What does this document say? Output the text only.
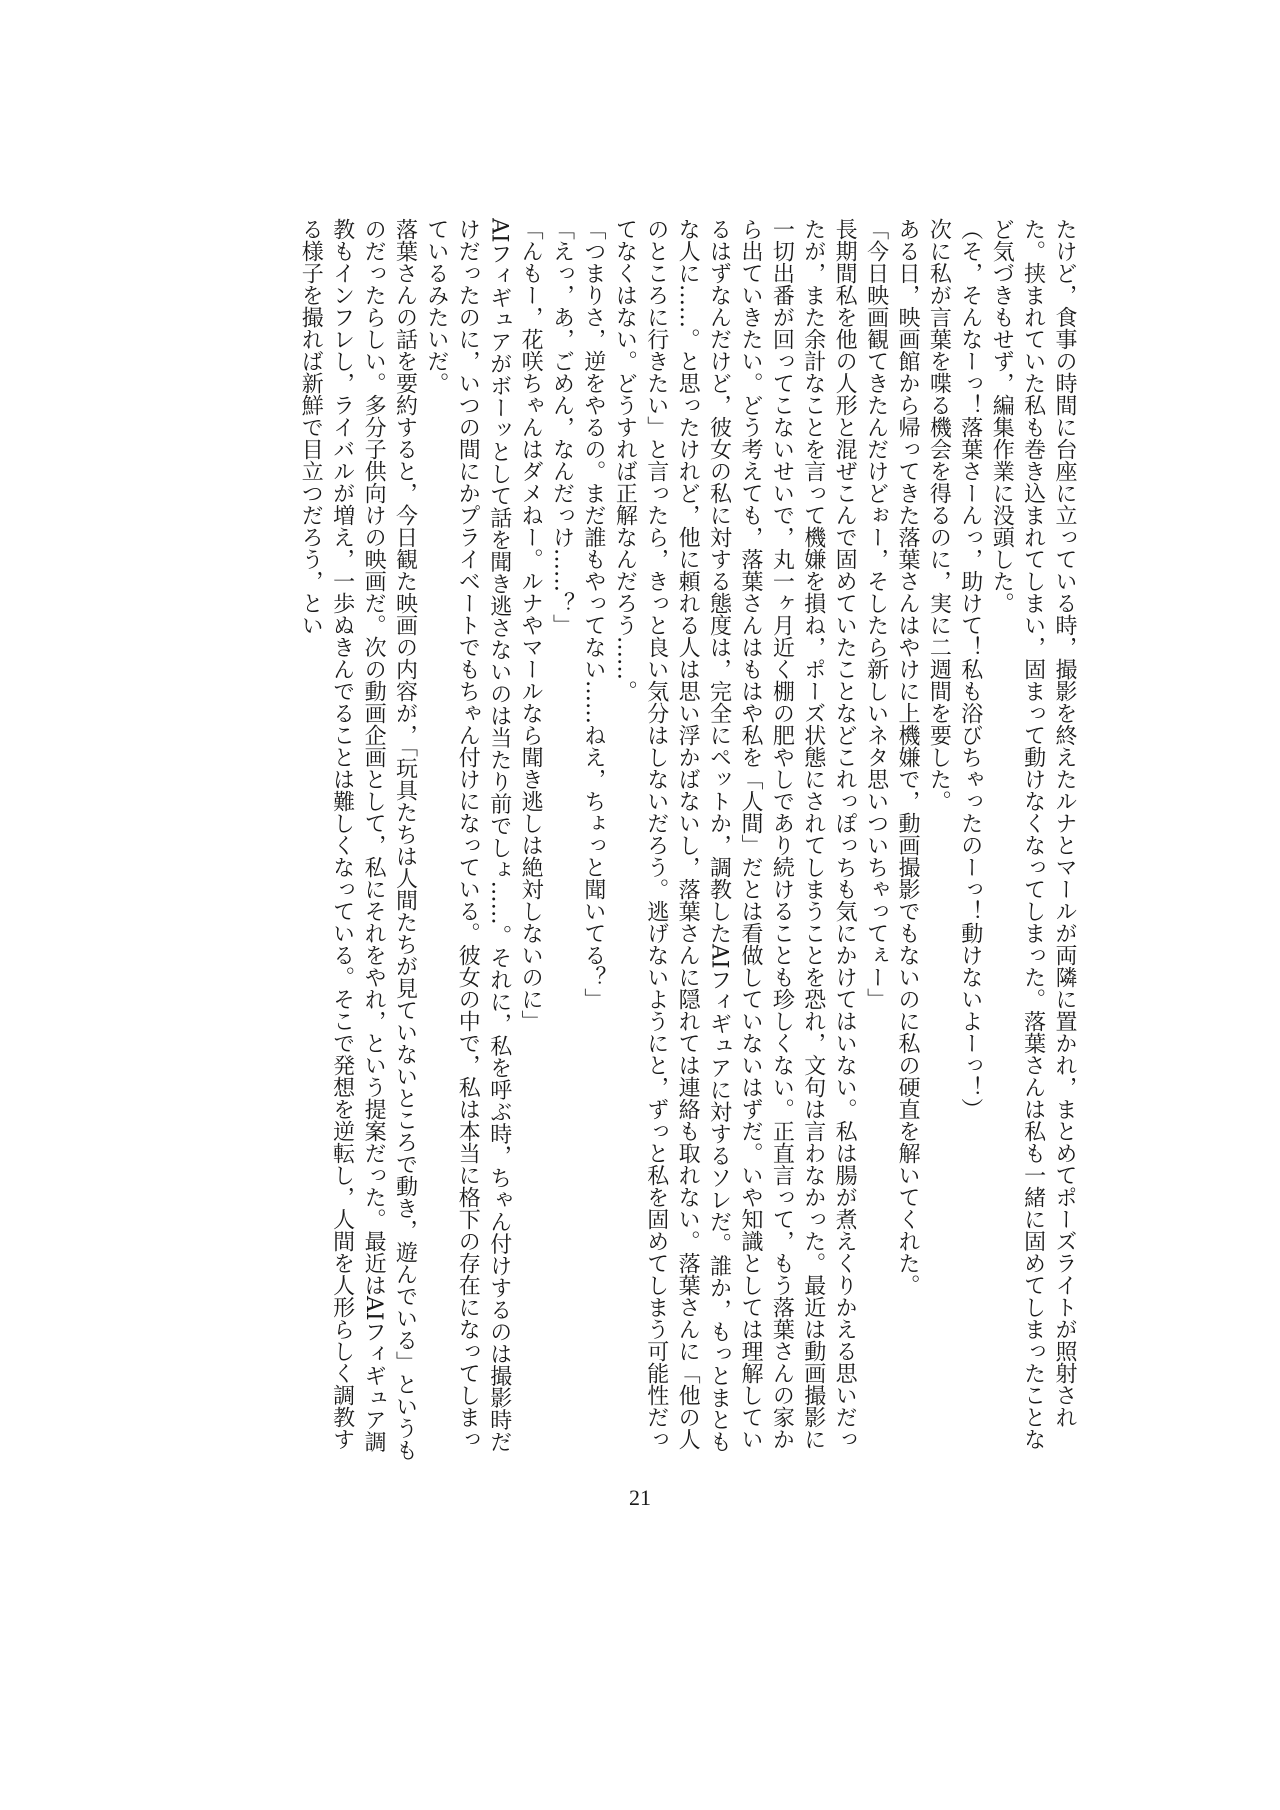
たけど，食事の時間に台座に立っている時，撮影を終えたルナとマールが両隣に置かれ，まとめてポーズライトが照射された。挟まれていた私も巻き込まれてしまい，固まって動けなくなってしまった。落葉さんは私も一緒に固めてしまったことなど気づきもせず，編集作業に没頭した。

（そ，そんなーっ！落葉さーんっ，助けて！私も浴びちゃったのーっ！動けないよーっ！）

次に私が言葉を喋る機会を得るのに，実に二週間を要した。

ある日，映画館から帰ってきた落葉さんはやけに上機嫌で，動画撮影でもないのに私の硬直を解いてくれた。

「今日映画観てきたんだけどぉー，そしたら新しいネタ思いついちゃってぇー」

長期間私を他の人形と混ぜこんで固めていたことなどこれっぽっちも気にかけてはいない。私は腸が煮えくりかえる思いだったが，また余計なことを言って機嫌を損ね，ポーズ状態にされてしまうことを恐れ，文句は言わなかった。最近は動画撮影に一切出番が回ってこないせいで，丸一ヶ月近く棚の肥やしであり続けることも珍しくない。正直言って，もう落葉さんの家から出ていきたい。どう考えても，落葉さんはもはや私を「人間」だとは看做していないはずだ。いや知識としては理解しているはずなんだけど，彼女の私に対する態度は，完全にペットか，調教したAIフィギュアに対するソレだ。誰か，もっとまともな人に……。と思ったけれど，他に頼れる人は思い浮かばないし，落葉さんに隠れては連絡も取れない。落葉さんに「他の人のところに行きたい」と言ったら，きっと良い気分はしないだろう。逃げないようにと，ずっと私を固めてしまう可能性だってなくはない。どうすれば正解なんだろう……。

「つまりさ，逆をやるの。まだ誰もやってない……ねえ，ちょっと聞いてる？」

「えっ，あ，ごめん，なんだっけ……？」

「んもー，花咲ちゃんはダメねー。ルナやマールなら聞き逃しは絶対しないのに」

AIフィギュアがボーッとして話を聞き逃さないのは当たり前でしょ……。それに，私を呼ぶ時，ちゃん付けするのは撮影時だけだったのに，いつの間にかプライベートでもちゃん付けになっている。彼女の中で，私は本当に格下の存在になってしまっているみたいだ。

落葉さんの話を要約すると，今日観た映画の内容が，「玩具たちは人間たちが見ていないところで動き，遊んでいる」というものだったらしい。多分子供向けの映画だ。次の動画企画として，私にそれをやれ，という提案だった。最近はAIフィギュア調教もインフレし，ライバルが増え，一歩ぬきんでることは難しくなっている。そこで発想を逆転し，人間を人形らしく調教する様子を撮れば新鮮で目立つだろう，とい

21
